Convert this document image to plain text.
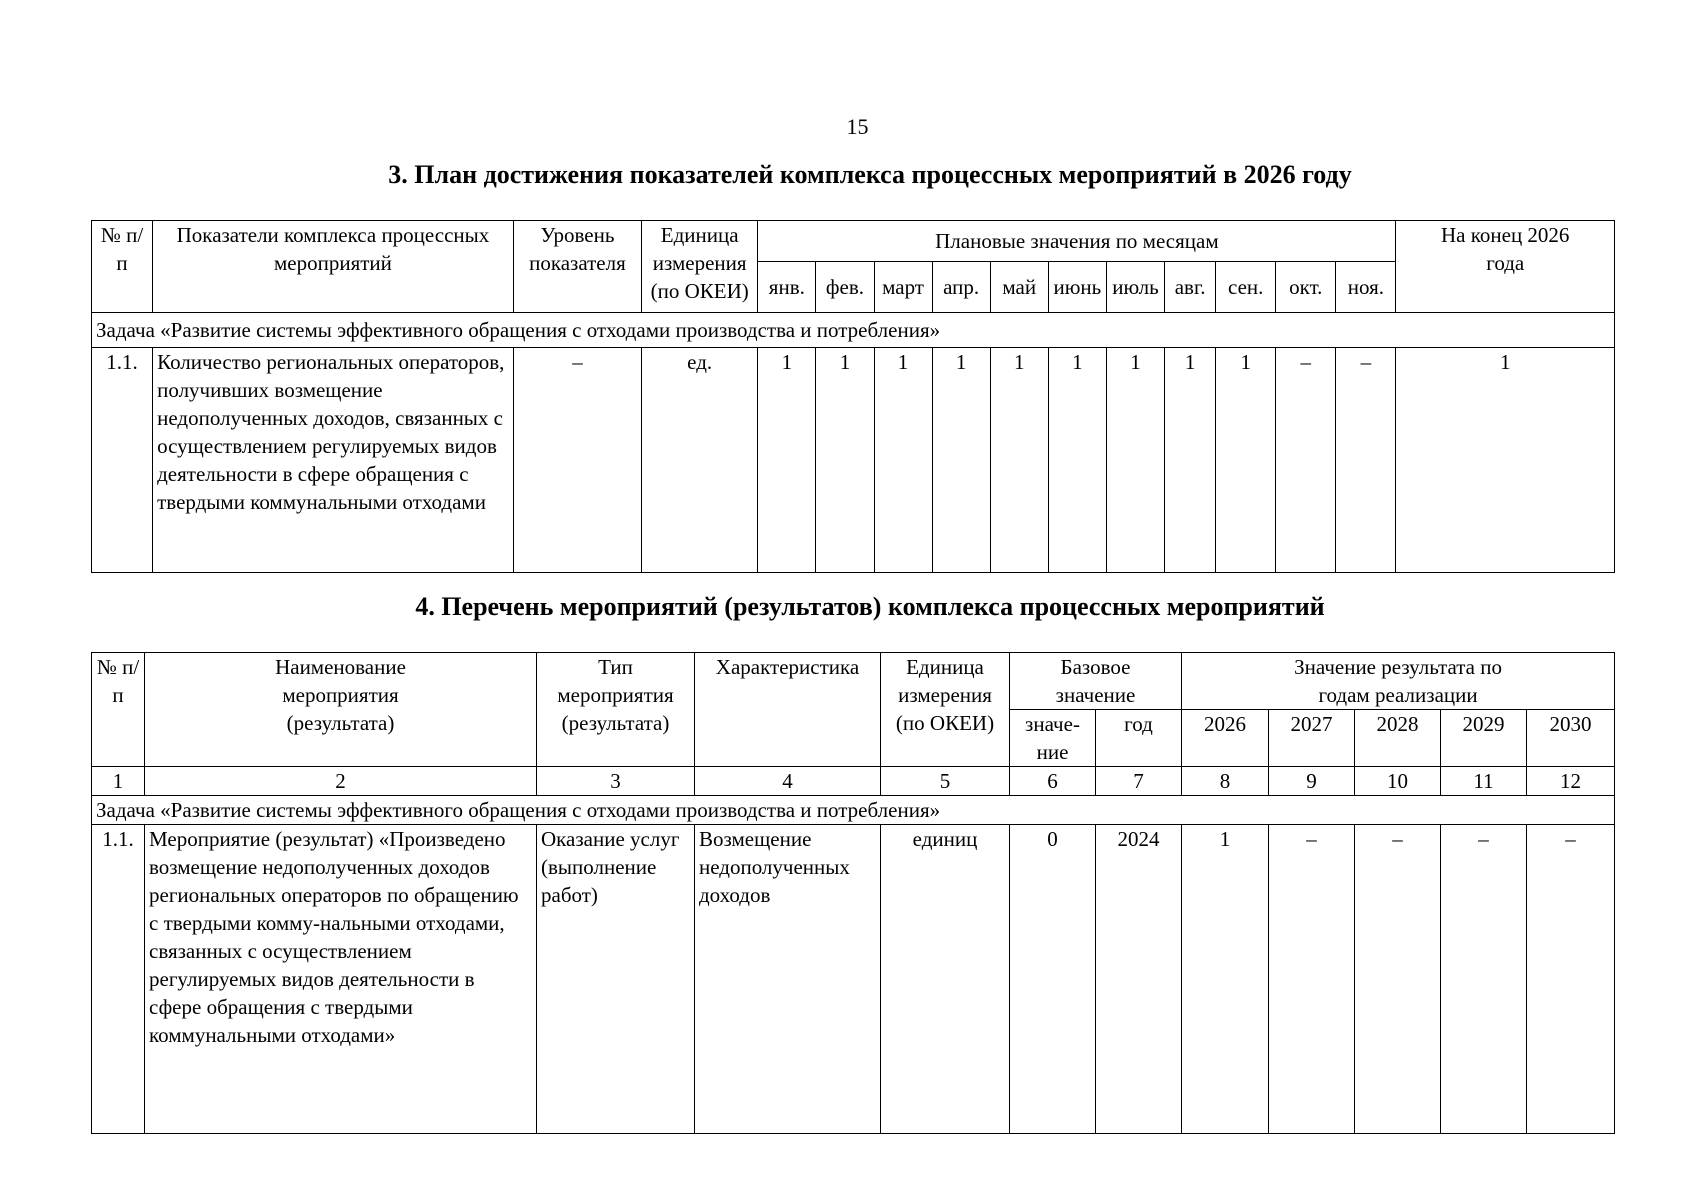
15
3. План достижения показателей комплекса процессных мероприятий в 2026 году
№ п/п	Показатели комплекса процессных мероприятий	Уровень показателя	Единица измерения (по ОКЕИ)	Плановые значения по месяцам											На конец 2026 года
				янв.	фев.	март	апр.	май	июнь	июль	авг.	сен.	окт.	ноя.	
Задача «Развитие системы эффективного обращения с отходами производства и потребления»															
1.1.	Количество региональных операторов, получивших возмещение недополученных доходов, связанных с осуществлением регулируемых видов деятельности в сфере обращения с твердыми коммунальными отходами	–	ед.	1	1	1	1	1	1	1	1	1	–	–	1
4. Перечень мероприятий (результатов) комплекса процессных мероприятий
№ п/п	Наименование мероприятия (результата)	Тип мероприятия (результата)	Характеристика	Единица измерения (по ОКЕИ)	Базовое значение		Значение результата по годам реализации				
					значе-ние	год	2026	2027	2028	2029	2030
1	2	3	4	5	6	7	8	9	10	11	12
Задача «Развитие системы эффективного обращения с отходами производства и потребления»											
1.1.	Мероприятие (результат) «Произведено возмещение недополученных доходов региональных операторов по обращению с твердыми комму-нальными отходами, связанных с осуществлением регулируемых видов деятельности в сфере обращения с твердыми коммунальными отходами»	Оказание услуг (выполнение работ)	Возмещение недополученных доходов	единиц	0	2024	1	–	–	–	–
